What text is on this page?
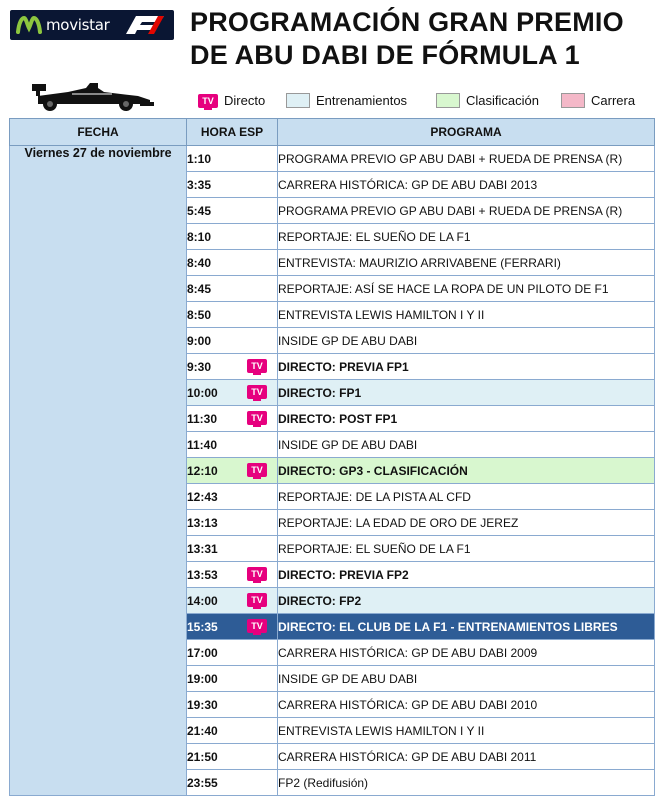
movistar	PROGRAMACIÓN GRAN PREMIO
DE ABU DABI DE FÓRMULA 1
TV Directo	Entrenamientos	Clasificación	Carrera
FECHA	HORA ESP	PROGRAMA
Viernes 27 de noviembre	1:10	PROGRAMA PREVIO GP ABU DABI + RUEDA DE PRENSA (R)
	3:35	CARRERA HISTÓRICA: GP DE ABU DABI 2013
	5:45	PROGRAMA PREVIO GP ABU DABI + RUEDA DE PRENSA (R)
	8:10	REPORTAJE: EL SUEÑO DE LA F1
	8:40	ENTREVISTA: MAURIZIO ARRIVABENE (FERRARI)
	8:45	REPORTAJE: ASÍ SE HACE LA ROPA DE UN PILOTO DE F1
	8:50	ENTREVISTA LEWIS HAMILTON I Y II
	9:00	INSIDE GP DE ABU DABI
	9:30 TV	DIRECTO: PREVIA FP1
	10:00 TV	DIRECTO: FP1
	11:30 TV	DIRECTO: POST FP1
	11:40	INSIDE GP DE ABU DABI
	12:10 TV	DIRECTO: GP3 - CLASIFICACIÓN
	12:43	REPORTAJE: DE LA PISTA AL CFD
	13:13	REPORTAJE: LA EDAD DE ORO DE JEREZ
	13:31	REPORTAJE: EL SUEÑO DE LA F1
	13:53 TV	DIRECTO: PREVIA FP2
	14:00 TV	DIRECTO: FP2
	15:35 TV	DIRECTO: EL CLUB DE LA F1 - ENTRENAMIENTOS LIBRES
	17:00	CARRERA HISTÓRICA: GP DE ABU DABI 2009
	19:00	INSIDE GP DE ABU DABI
	19:30	CARRERA HISTÓRICA: GP DE ABU DABI 2010
	21:40	ENTREVISTA LEWIS HAMILTON I Y II
	21:50	CARRERA HISTÓRICA: GP DE ABU DABI 2011
	23:55	FP2 (Redifusión)
